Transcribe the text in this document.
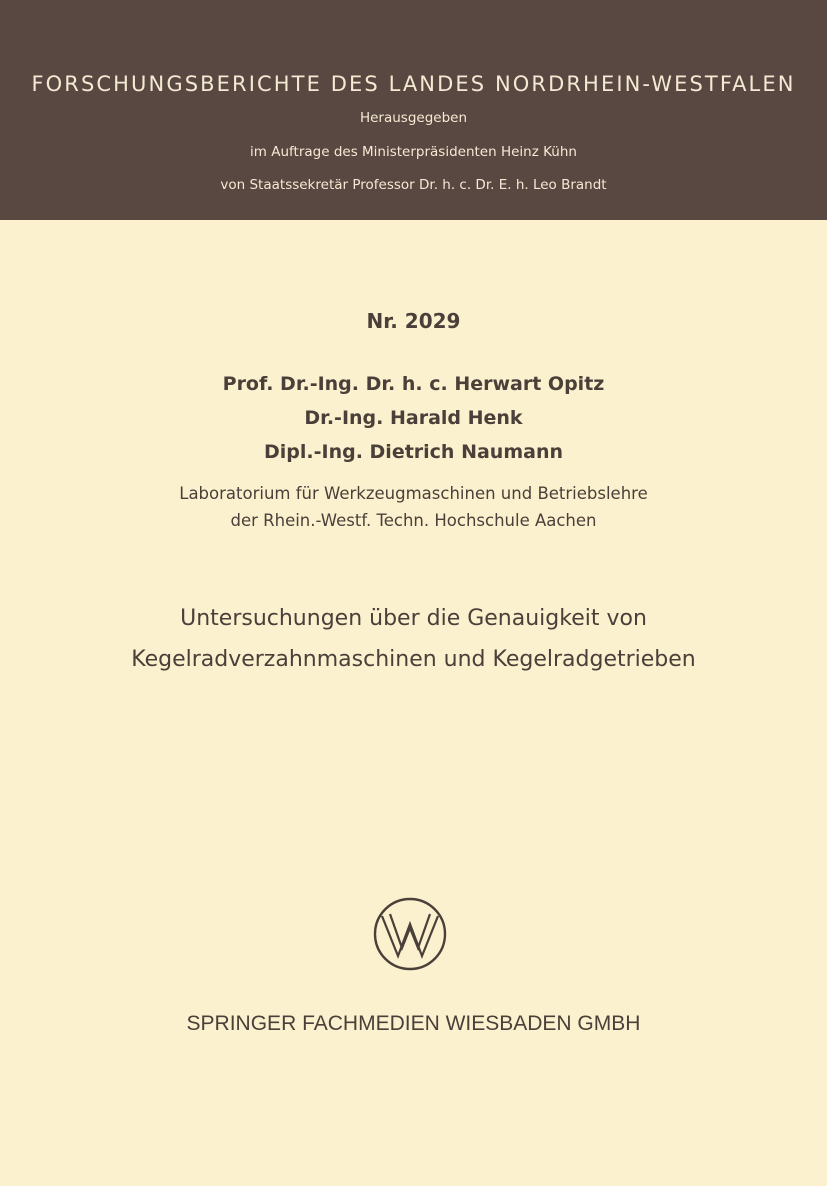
FORSCHUNGSBERICHTE DES LANDES NORDRHEIN-WESTFALEN
Herausgegeben
im Auftrage des Ministerpräsidenten Heinz Kühn
von Staatssekretär Professor Dr. h. c. Dr. E. h. Leo Brandt
Nr. 2029
Prof. Dr.-Ing. Dr. h. c. Herwart Opitz
Dr.-Ing. Harald Henk
Dipl.-Ing. Dietrich Naumann
Laboratorium für Werkzeugmaschinen und Betriebslehre
der Rhein.-Westf. Techn. Hochschule Aachen
Untersuchungen über die Genauigkeit von
Kegelradverzahnmaschinen und Kegelradgetrieben
W
SPRINGER FACHMEDIEN WIESBADEN GMBH
